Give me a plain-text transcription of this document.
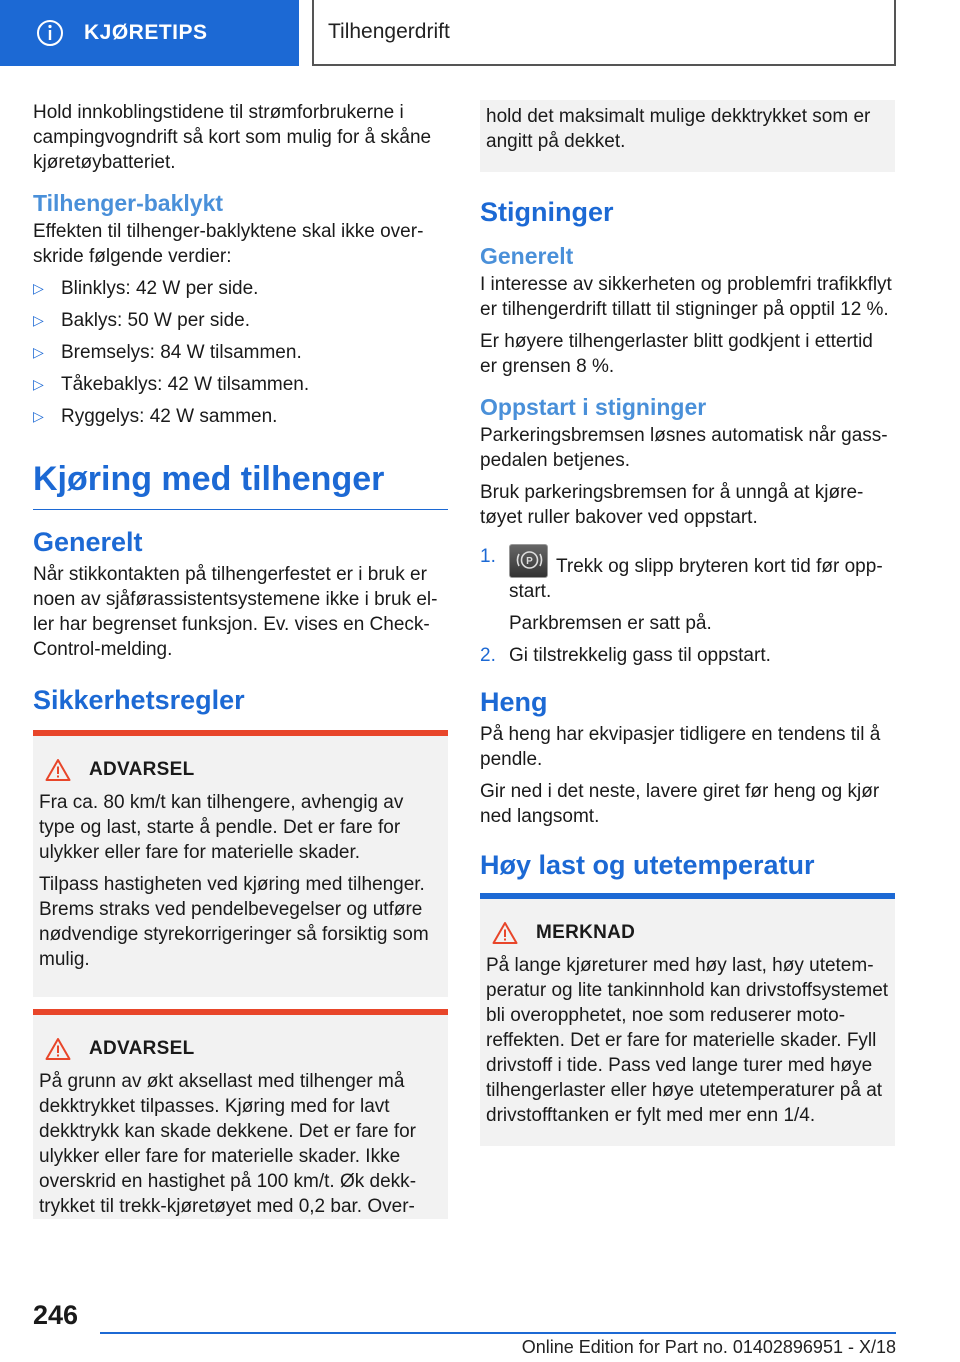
KJØRETIPS	Tilhengerdrift

Hold innkoblingstidene til strømforbrukerne i campingvogndrift så kort som mulig for å skåne kjøretøybatteriet.

Tilhenger-baklykt

Effekten til tilhenger-baklyktene skal ikke overskride følgende verdier:

▷ Blinklys: 42 W per side.
▷ Baklys: 50 W per side.
▷ Bremselys: 84 W tilsammen.
▷ Tåkebaklys: 42 W tilsammen.
▷ Ryggelys: 42 W sammen.
Kjøring med tilhenger
Generelt

Når stikkontakten på tilhengerfestet er i bruk er noen av sjåførassistentsystemene ikke i bruk eller har begrenset funksjon. Ev. vises en Check-Control-melding.

Sikkerhetsregler
ADVARSEL

Fra ca. 80 km/t kan tilhengere, avhengig av type og last, starte å pendle. Det er fare for ulykker eller fare for materielle skader.

Tilpass hastigheten ved kjøring med tilhenger. Brems straks ved pendelbevegelser og utføre nødvendige styrekorrigeringer så forsiktig som mulig.

ADVARSEL

På grunn av økt aksellast med tilhenger må dekktrykket tilpasses. Kjøring med for lavt dekktrykk kan skade dekkene. Det er fare for ulykker eller fare for materielle skader. Ikke overskrid en hastighet på 100 km/t. Øk dekktrykket til trekk-kjøretøyet med 0,2 bar. Over-

hold det maksimalt mulige dekktrykket som er angitt på dekket.

Stigninger
Generelt

I interesse av sikkerheten og problemfri trafikkflyt er tilhengerdrift tillatt til stigninger på opptil 12 %.

Er høyere tilhengerlaster blitt godkjent i ettertid er grensen 8 %.

Oppstart i stigninger

Parkeringsbremsen løsnes automatisk når gasspedalen betjenes.

Bruk parkeringsbremsen for å unngå at kjøretøyet ruller bakover ved oppstart.

1.	P Trekk og slipp bryteren kort tid før oppstart.

Parkbremsen er satt på.

2. Gi tilstrekkelig gass til oppstart.
Heng

På heng har ekvipasjer tidligere en tendens til å pendle.

Gir ned i det neste, lavere giret før heng og kjør ned langsomt.

Høy last og utetemperatur
MERKNAD

På lange kjøreturer med høy last, høy utetemperatur og lite tankinnhold kan drivstoffsystemet bli overopphetet, noe som reduserer motoreffekten. Det er fare for materielle skader. Fyll drivstoff i tide. Pass ved lange turer med høye tilhengerlaster eller høye utetemperaturer på at drivstofftanken er fylt med mer enn 1/4.

246
Online Edition for Part no. 01402896951 - X/18
